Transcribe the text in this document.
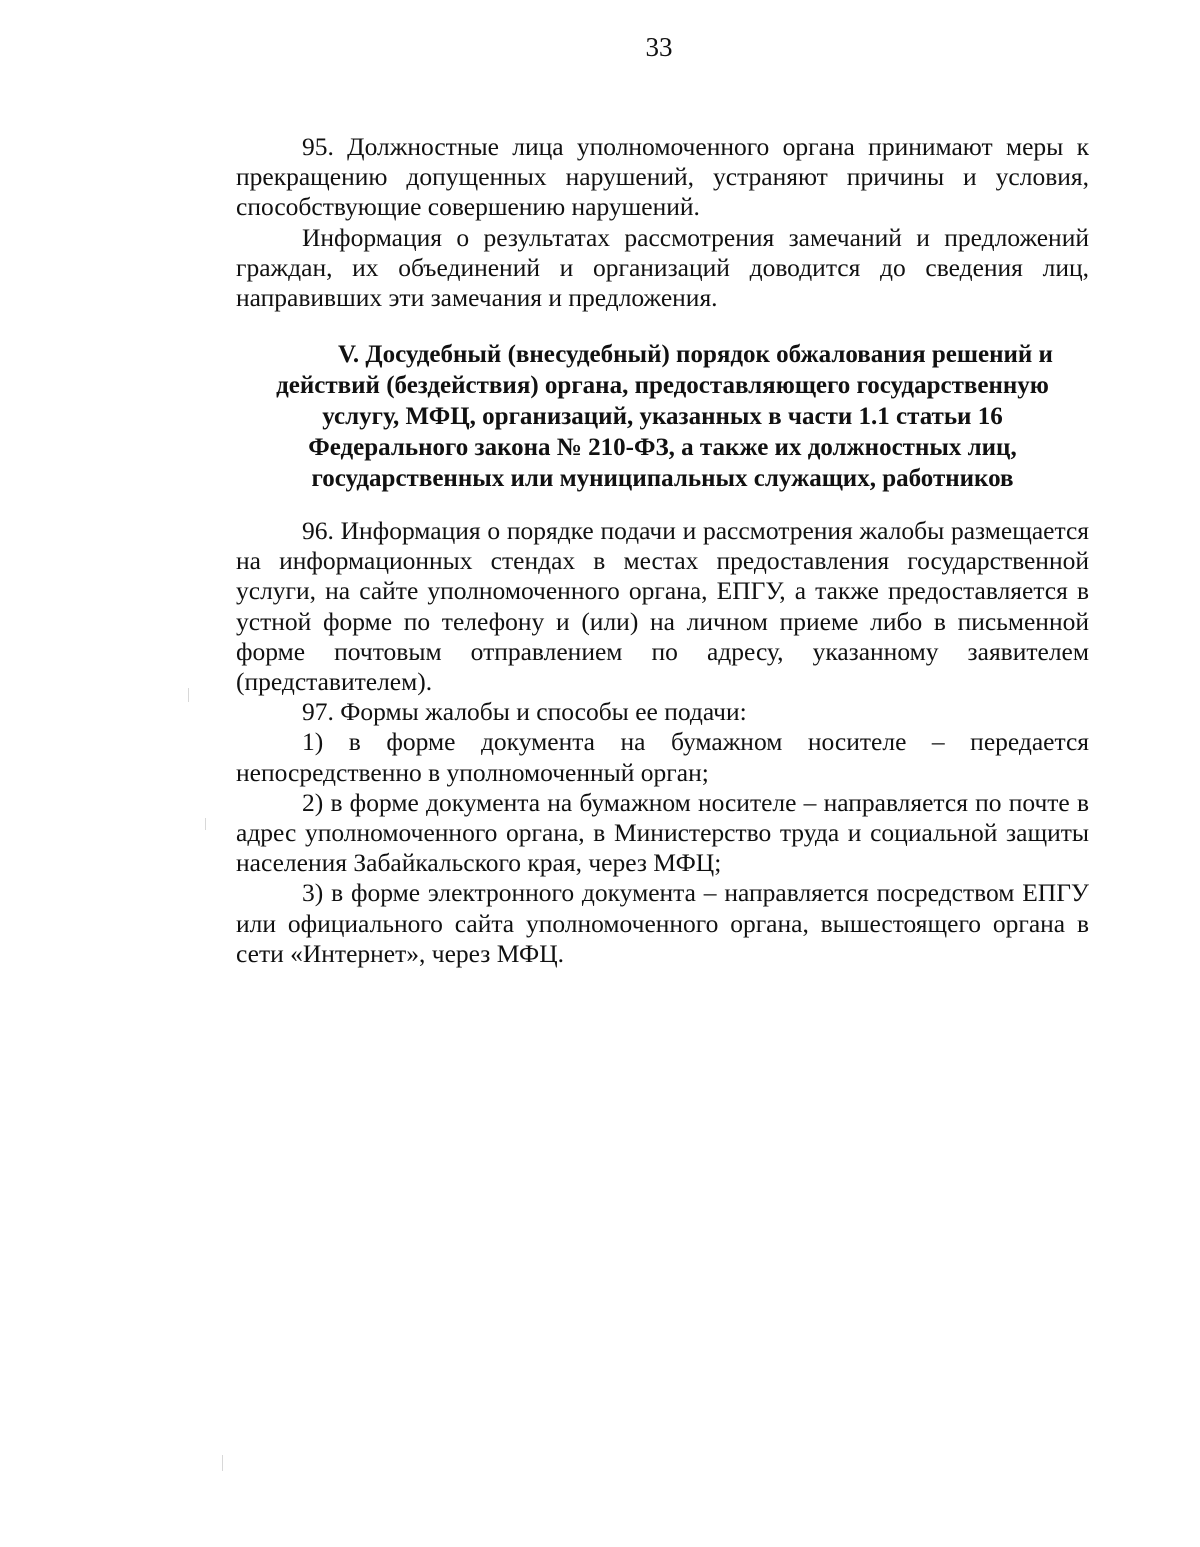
33

95. Должностные лица уполномоченного органа принимают меры к прекращению допущенных нарушений, устраняют причины и условия, способствующие совершению нарушений.

Информация о результатах рассмотрения замечаний и предложений граждан, их объединений и организаций доводится до сведения лиц, направивших эти замечания и предложения.

V. Досудебный (внесудебный) порядок обжалования решений и
действий (бездействия) органа, предоставляющего государственную
услугу, МФЦ, организаций, указанных в части 1.1 статьи 16
Федерального закона № 210-ФЗ, а также их должностных лиц,
государственных или муниципальных служащих, работников

96. Информация о порядке подачи и рассмотрения жалобы размещается на информационных стендах в местах предоставления государственной услуги, на сайте уполномоченного органа, ЕПГУ, а также предоставляется в устной форме по телефону и (или) на личном приеме либо в письменной форме почтовым отправлением по адресу, указанному заявителем (представителем).

97. Формы жалобы и способы ее подачи:

1) в форме документа на бумажном носителе – передается непосредственно в уполномоченный орган;

2) в форме документа на бумажном носителе – направляется по почте в адрес уполномоченного органа, в Министерство труда и социальной защиты населения Забайкальского края, через МФЦ;

3) в форме электронного документа – направляется посредством ЕПГУ или официального сайта уполномоченного органа, вышестоящего органа в сети «Интернет», через МФЦ.
